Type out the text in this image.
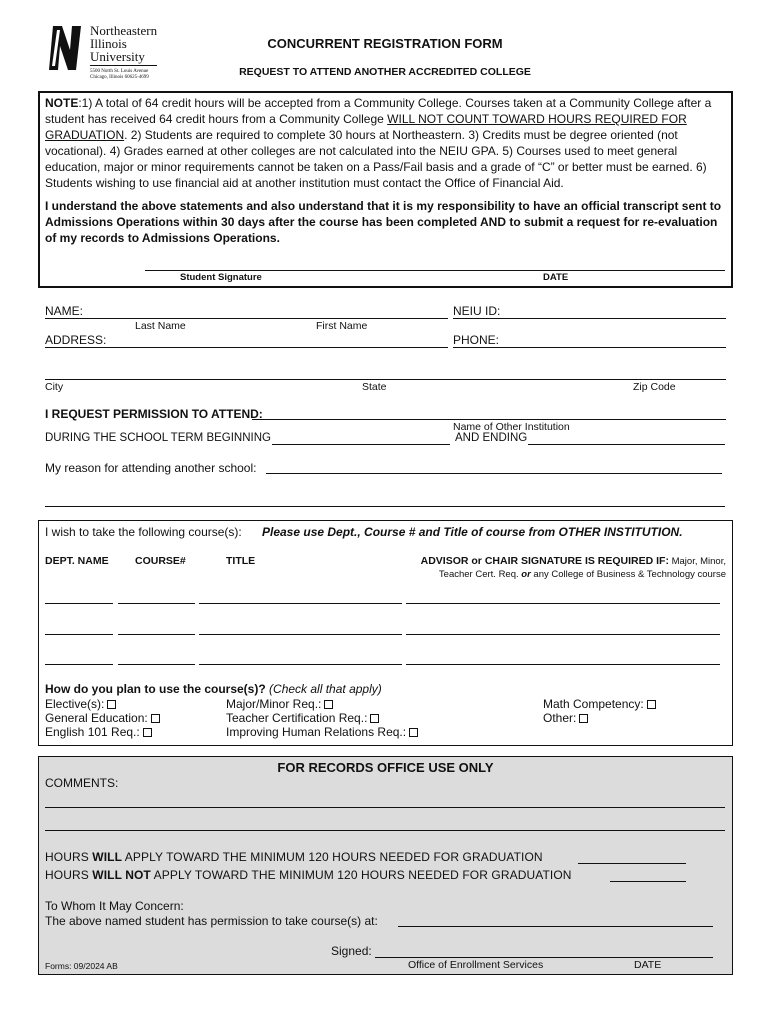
Northeastern
Illinois
University
5500 North St. Louis Avenue
Chicago, Illinois 60625-4699
CONCURRENT REGISTRATION FORM
REQUEST TO ATTEND ANOTHER ACCREDITED COLLEGE
NOTE:1) A total of 64 credit hours will be accepted from a Community College. Courses taken at a Community College after a student has received 64 credit hours from a Community College WILL NOT COUNT TOWARD HOURS REQUIRED FOR GRADUATION. 2) Students are required to complete 30 hours at Northeastern. 3) Credits must be degree oriented (not vocational). 4) Grades earned at other colleges are not calculated into the NEIU GPA. 5) Courses used to meet general education, major or minor requirements cannot be taken on a Pass/Fail basis and a grade of “C” or better must be earned. 6) Students wishing to use financial aid at another institution must contact the Office of Financial Aid.
I understand the above statements and also understand that it is my responsibility to have an official transcript sent to Admissions Operations within 30 days after the course has been completed AND to submit a request for re-evaluation of my records to Admissions Operations.
Student Signature	DATE
NAME:	NEIU ID:
Last Name	First Name
ADDRESS:	PHONE:
City	State	Zip Code
I REQUEST PERMISSION TO ATTEND:
Name of Other Institution
DURING THE SCHOOL TERM BEGINNING	AND ENDING
My reason for attending another school:
I wish to take the following course(s): Please use Dept., Course # and Title of course from OTHER INSTITUTION.
DEPT. NAME	COURSE#	TITLE	ADVISOR or CHAIR SIGNATURE IS REQUIRED IF: Major, Minor,
Teacher Cert. Req. or any College of Business & Technology course
How do you plan to use the course(s)? (Check all that apply)
Elective(s):	Major/Minor Req.:	Math Competency:
General Education:	Teacher Certification Req.:	Other:
English 101 Req.:	Improving Human Relations Req.:
FOR RECORDS OFFICE USE ONLY
COMMENTS:
HOURS WILL APPLY TOWARD THE MINIMUM 120 HOURS NEEDED FOR GRADUATION
HOURS WILL NOT APPLY TOWARD THE MINIMUM 120 HOURS NEEDED FOR GRADUATION
To Whom It May Concern:
The above named student has permission to take course(s) at:
Signed:
Forms: 09/2024 AB	Office of Enrollment Services	DATE
